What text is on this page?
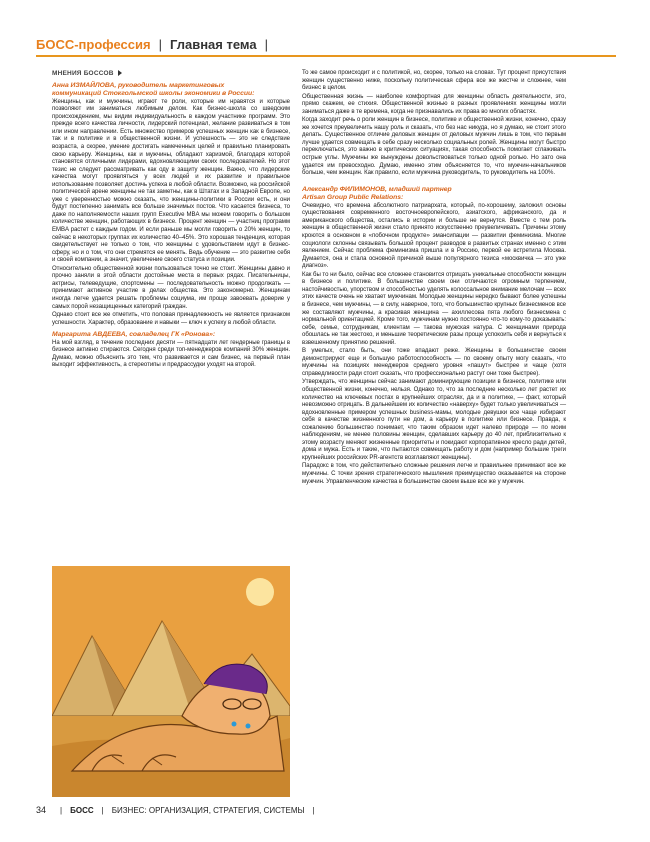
БОСС-профессия | Главная тема |
МНЕНИЯ БОССОВ
Анна ИЗМАЙЛОВА, руководитель маркетинговых
коммуникаций Стокгольмской школы экономики в России:

Женщины, как и мужчины, играют те роли, которые им нравятся и которые позволяют им заниматься любимым делом. Как бизнес-школа со шведским происхождением, мы видим индивидуальность в каждом участнике программ. Это прежде всего качества личности, лидерский потенциал, желание развиваться в том или ином направлении. Есть множество примеров успешных женщин как в бизнесе, так и в политике и в общественной жизни. И успешность — это не следствие возраста, а скорее, умение достигать намеченных целей и правильно планировать свою карьеру. Женщины, как и мужчины, обладают харизмой, благодаря которой становятся отличными лидерами, вдохновляющими своих последователей. Но этот тезис не следует рассматривать как оду в защиту женщин. Важно, что лидерские качества могут проявляться у всех людей и их развитие и правильное использование позволяет достичь успеха в любой области. Возможно, на российской политической арене женщины не так заметны, как в Штатах и в Западной Европе, но уже с уверенностью можно сказать, что женщины-политики в России есть, и они будут постепенно занимать все больше значимых постов. Что касается бизнеса, то даже по наполняемости наших групп Executive MBA мы можем говорить о большом количестве женщин, работающих в бизнесе. Процент женщин — участниц программ EMBA растет с каждым годом. И если раньше мы могли говорить о 20% женщин, то сейчас в некоторых группах их количество 40–45%. Это хорошая тенденция, которая свидетельствует не только о том, что женщины с удовольствием идут в бизнес-сферу, но и о том, что они стремятся ее менять. Ведь обучение — это развитие себя и своей компании, а значит, увеличение своего статуса и позиции.

Относительно общественной жизни пользоваться точно не стоит. Женщины давно и прочно заняли в этой области достойные места в первых рядах. Писательницы, актрисы, телеведущие, спортсмены — последовательность можно продолжать — принимают активное участие в делах общества. Это закономерно. Женщинам иногда легче удается решать проблемы социума, им проще завоевать доверие у самых порой незащищенных категорий граждан.

Однако стоит все же отметить, что половая принадлежность не является признаком успешности. Характер, образование и навыки — ключ к успеху в любой области.

Маргарита АВДЕЕВА, совладелец ГК «Ронова»:

На мой взгляд, в течение последних десяти — пятнадцати лет гендерные границы в бизнесе активно стираются. Сегодня среди топ-менеджеров компаний 30% женщин. Думаю, можно объяснить это тем, что развивается и сам бизнес, на первый план выходит эффективность, а стереотипы и предрассудки уходят на второй.

То же самое происходит и с политикой, но, скорее, только на словах. Тут процент присутствия женщин существенно ниже, поскольку политическая сфера все же жестче и сложнее, чем бизнес в целом.

Общественная жизнь — наиболее комфортная для женщины область деятельности, это, прямо скажем, ее стихия. Общественной жизнью в разных проявлениях женщины могли заниматься даже в те времена, когда не признавались их права во многих областях.

Когда заходит речь о роли женщин в бизнесе, политике и общественной жизни, конечно, сразу же хочется преувеличить нашу роль и сказать, что без нас никуда, но я думаю, не стоит этого делать. Существенное отличие деловых женщин от деловых мужчин лишь в том, что первым лучше удается совмещать в себе сразу несколько социальных ролей. Женщины могут быстро переключаться, это важно в критических ситуациях, такая способность помогает сглаживать острые углы. Мужчины же вынуждены довольствоваться только одной ролью. Но зато она удается им превосходно. Думаю, именно этим объясняется то, что мужчин-начальников больше, чем женщин. Как правило, если мужчина руководитель, то руководитель на 100%.

Александр ФИЛИМОНОВ, младший партнер
Artisan Group Public Relations:

Очевидно, что времена абсолютного патриархата, который, по-хорошему, заложил основы существования современного восточноевропейского, азиатского, африканского, да и американского общества, остались в истории и больше не вернутся. Вместе с тем роль женщин в общественной жизни стало принято искусственно преувеличивать. Причины этому кроются в основном в «побочном продукте» эмансипации — развитии феминизма. Многие социологи склонны связывать большой процент разводов в развитых странах именно с этим явлением. Сейчас проблема феминизма пришла и в Россию, первой ее встретила Москва. Думается, она и стала основной причиной выше популярного тезиса «москвичка — это уже диагноз».

Как бы то ни было, сейчас все сложнее становится отрицать уникальные способности женщин в бизнесе и политике. В большинстве своем они отличаются огромным терпением, настойчивостью, упорством и способностью уделять колоссальное внимание мелочам — всех этих качеств очень не хватает мужчинам. Молодые женщины нередко бывают более успешны в бизнесе, чем мужчины, — в силу, наверное, того, что большинство крупных бизнесменов все же составляют мужчины, а красивая женщина — ахиллесова пята любого бизнесмена с нормальной ориентацией. Кроме того, мужчинам нужно постоянно что-то кому-то доказывать: себе, семье, сотрудникам, клиентам — такова мужская натура. С женщинами природа обошлась не так жестоко, и меньшие теоретические разы проще успокоить себя и вернуться к взвешенному принятию решений.

В умелых, стало быть, они тоже впадают реже. Женщины в большинстве своем демонстрируют еще и большую работоспособность — по своему опыту могу сказать, что мужчины на позициях менеджеров среднего уровня «пашут» быстрее и чаще (хотя справедливости ради стоит сказать, что профессионально растут они тоже быстрее).

Утверждать, что женщины сейчас занимают доминирующие позиции в бизнесе, политике или общественной жизни, конечно, нельзя. Однако то, что за последние несколько лет растет их количество на ключевых постах в крупнейших отраслях, да и в политике, — факт, который невозможно отрицать. В дальнейшем их количество «наверху» будет только увеличиваться — вдохновленные примером успешных business-мамы, молодые девушки все чаще избирают себя в качестве жизненного пути не дом, а карьеру в политике или бизнесе. Правда, к сожалению большинство понимает, что таким образом идет налево природе — по моим наблюдениям, не менее половины женщин, сделавших карьеру до 40 лет, приблизительно к этому возрасту меняют жизненные приоритеты и покидают корпоративное кресло ради детей, дома и мужа. Есть и такие, что пытаются совмещать работу и дом (например большие треги крупнейших российских PR-агентств возглавляют женщины).

Парадокс в том, что действительно сложные решения легче и правильнее принимают все же мужчины. С точки зрения стратегического мышления преимущество оказывается на стороне мужчин. Управленческие качества в большинстве своем выше все же у мужчин.

34 | БОСС | БИЗНЕС: ОРГАНИЗАЦИЯ, СТРАТЕГИЯ, СИСТЕМЫ |
